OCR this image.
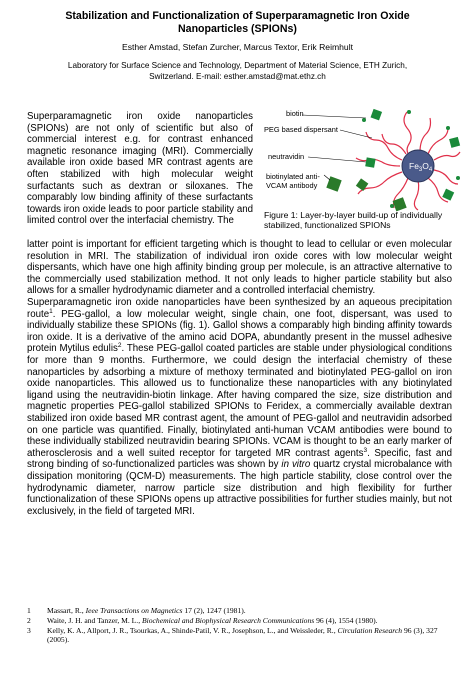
Stabilization and Functionalization of Superparamagnetic Iron Oxide
Nanoparticles (SPIONs)
Esther Amstad, Stefan Zurcher, Marcus Textor, Erik Reimhult
Laboratory for Surface Science and Technology, Department of Material Science, ETH Zurich,
Switzerland. E-mail: esther.amstad@mat.ethz.ch

Superparamagnetic iron oxide nanoparticles (SPIONs) are not only of scientific but also of commercial interest e.g. for contrast enhanced magnetic resonance imaging (MRI). Commercially available iron oxide based MR contrast agents are often stabilized with high molecular weight surfactants such as dextran or siloxanes. The comparably low binding affinity of these surfactants towards iron oxide leads to poor particle stability and limited control over the interfacial chemistry. The

$Fe_3O_4$
biotin
PEG based dispersant
neutravidin
biotinylated anti-
VCAM antibody
Figure 1: Layer-by-layer build-up of individually stabilized, functionalized SPIONs

latter point is important for efficient targeting which is thought to lead to cellular or even molecular resolution in MRI. The stabilization of individual iron oxide cores with low molecular weight dispersants, which have one high affinity binding group per molecule, is an attractive alternative to the commercially used stabilization method. It not only leads to higher particle stability but also allows for a smaller hydrodynamic diameter and a controlled interfacial chemistry.

Superparamagnetic iron oxide nanoparticles have been synthesized by an aqueous precipitation route$^1$. PEG-gallol, a low molecular weight, single chain, one foot, dispersant, was used to individually stabilize these SPIONs (fig. 1). Gallol shows a comparably high binding affinity towards iron oxide. It is a derivative of the amino acid DOPA, abundantly present in the mussel adhesive protein Mytilus edulis$^2$. These PEG-gallol coated particles are stable under physiological conditions for more than 9 months. Furthermore, we could design the interfacial chemistry of these nanoparticles by adsorbing a mixture of methoxy terminated and biotinylated PEG-gallol on iron oxide nanoparticles. This allowed us to functionalize these nanoparticles with any biotinylated ligand using the neutravidin-biotin linkage. After having compared the size, size distribution and magnetic properties PEG-gallol stabilized SPIONs to Feridex, a commercially available dextran stabilized iron oxide based MR contrast agent, the amount of PEG-gallol and neutravidin adsorbed on one particle was quantified. Finally, biotinylated anti-human VCAM antibodies were bound to these individually stabilized neutravidin bearing SPIONs. VCAM is thought to be an early marker of atherosclerosis and a well suited receptor for targeted MR contrast agents$^3$. Specific, fast and strong binding of so-functionalized particles was shown by in vitro quartz crystal microbalance with dissipation monitoring (QCM-D) measurements. The high particle stability, close control over the hydrodynamic diameter, narrow particle size distribution and high flexibility for further functionalization of these SPIONs opens up attractive possibilities for further studies mainly, but not exclusively, in the field of targeted MRI.

1 Massart, R., Ieee Transactions on Magnetics 17 (2), 1247 (1981).
2 Waite, J. H. and Tanzer, M. L., Biochemical and Biophysical Research Communications 96 (4), 1554 (1980).
3 Kelly, K. A., Allport, J. R., Tsourkas, A., Shinde-Patil, V. R., Josephson, L., and Weissleder, R., Circulation Research 96 (3), 327 (2005).
